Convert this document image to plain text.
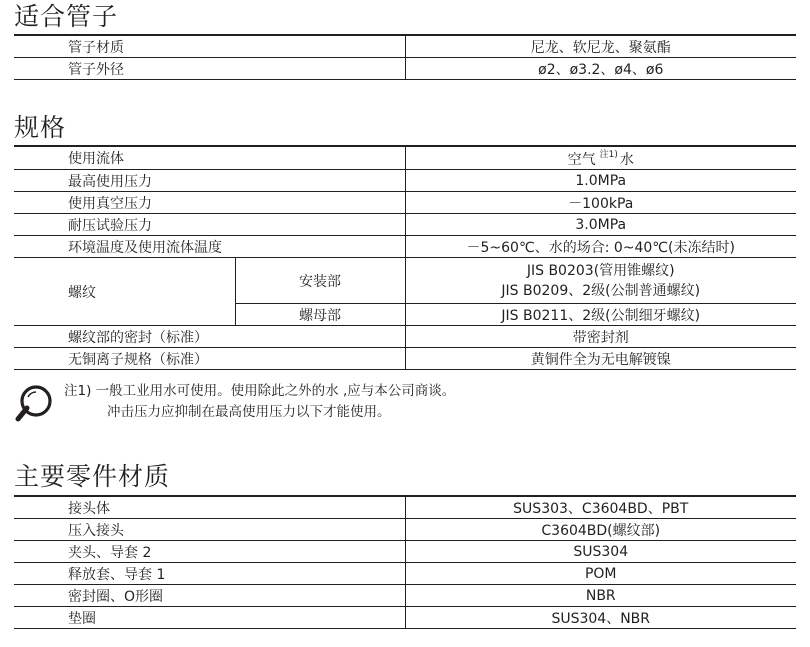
适合管子
管子材质	尼龙、软尼龙、聚氨酯
管子外径	ø2、ø3.2、ø4、ø6
规格
使用流体		空气 $^{注1)}$ 水
最高使用压力		1.0MPa
使用真空压力		－100kPa
耐压试验压力		3.0MPa
环境温度及使用流体温度		－5~60℃、水的场合: 0~40℃(未冻结时)
螺纹	安装部	JIS B0203(管用锥螺纹)
JIS B0209、2级(公制普通螺纹)

	螺母部	JIS B0211、2级(公制细牙螺纹)
螺纹部的密封（标准）		带密封剂
无铜离子规格（标准）		黄铜件全为无电解镀镍
注1) 一般工业用水可使用。使用除此之外的水 ,应与本公司商谈。
冲击压力应抑制在最高使用压力以下才能使用。
主要零件材质
接头体	SUS303、C3604BD、PBT
压入接头	C3604BD(螺纹部)
夹头、导套 2	SUS304
释放套、导套 1	POM
密封圈、O形圈	NBR
垫圈	SUS304、NBR
